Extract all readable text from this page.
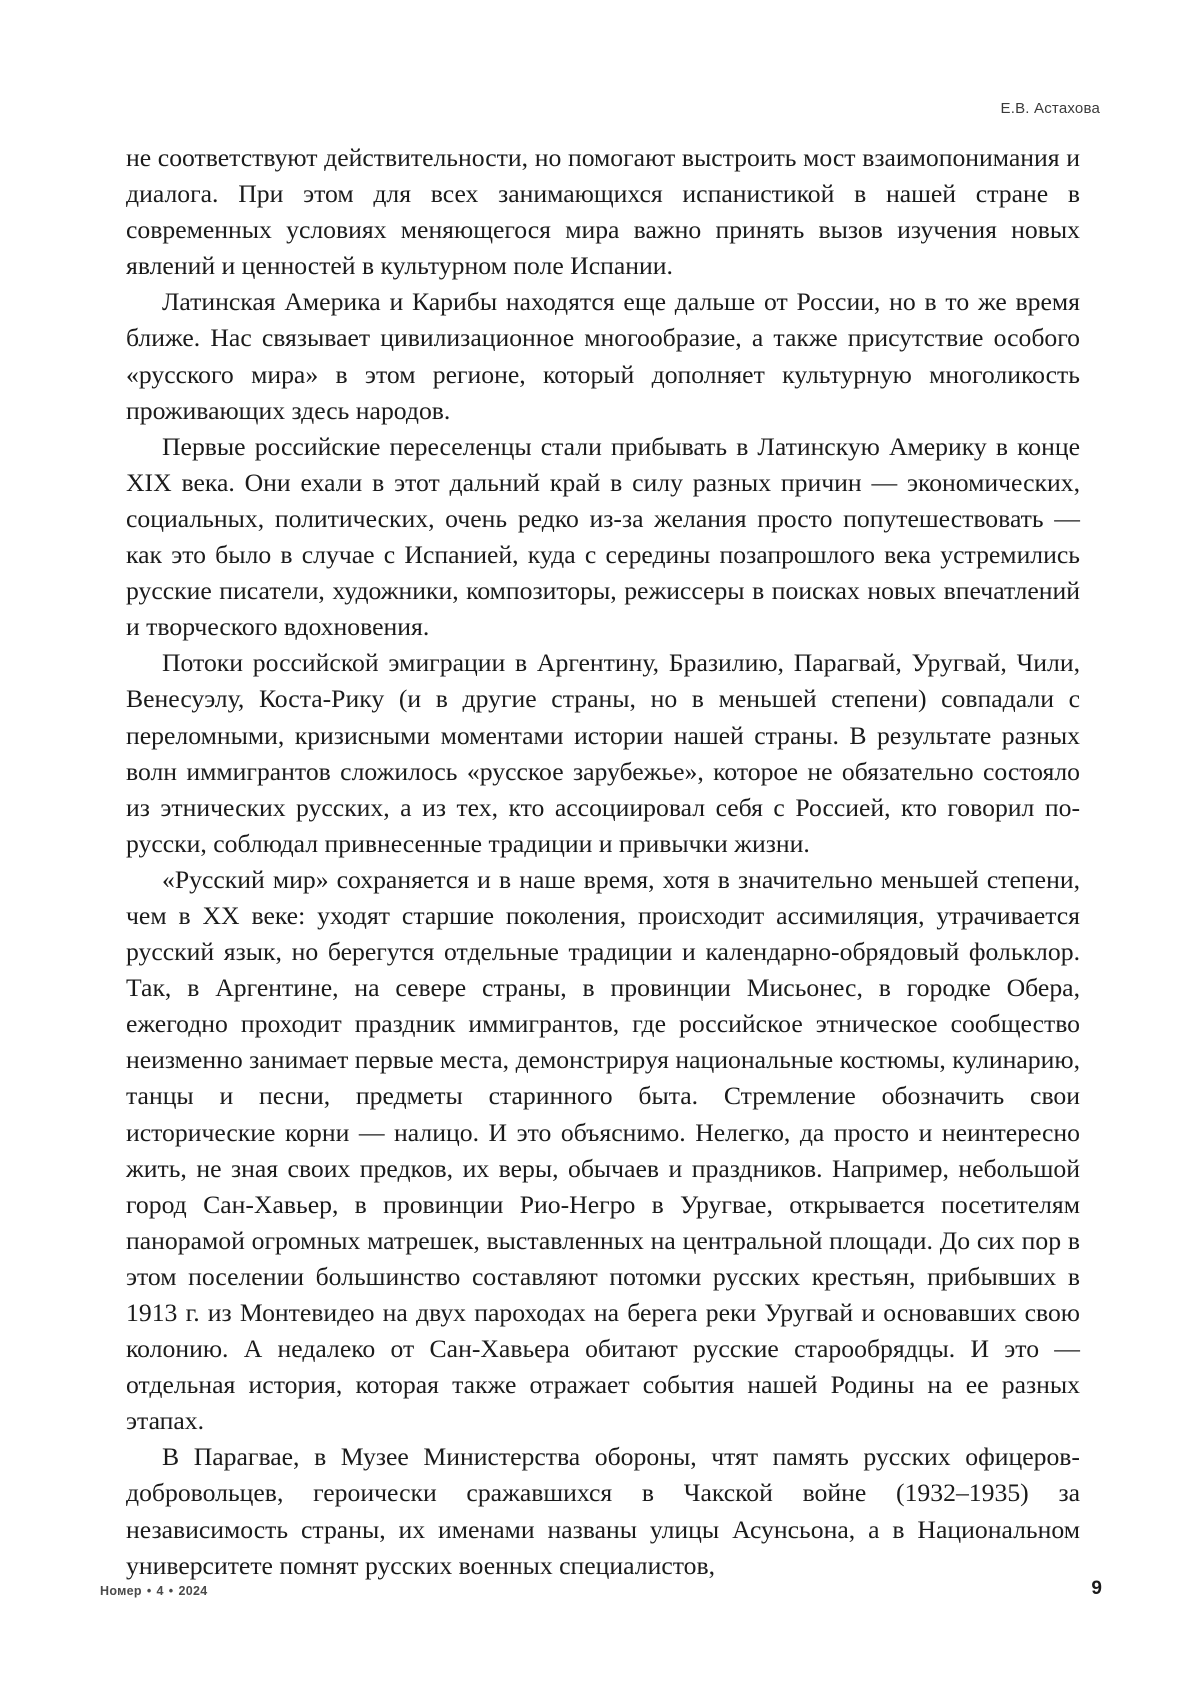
Е.В. Астахова

не соответствуют действительности, но помогают выстроить мост взаимопонимания и диалога. При этом для всех занимающихся испанистикой в нашей стране в современных условиях меняющегося мира важно принять вызов изучения новых явлений и ценностей в культурном поле Испании.

Латинская Америка и Карибы находятся еще дальше от России, но в то же время ближе. Нас связывает цивилизационное многообразие, а также присутствие особого «русского мира» в этом регионе, который дополняет культурную многоликость проживающих здесь народов.

Первые российские переселенцы стали прибывать в Латинскую Америку в конце XIX века. Они ехали в этот дальний край в силу разных причин — экономических, социальных, политических, очень редко из-за желания просто попутешествовать — как это было в случае с Испанией, куда с середины позапрошлого века устремились русские писатели, художники, композиторы, режиссеры в поисках новых впечатлений и творческого вдохновения.

Потоки российской эмиграции в Аргентину, Бразилию, Парагвай, Уругвай, Чили, Венесуэлу, Коста-Рику (и в другие страны, но в меньшей степени) совпадали с переломными, кризисными моментами истории нашей страны. В результате разных волн иммигрантов сложилось «русское зарубежье», которое не обязательно состояло из этнических русских, а из тех, кто ассоциировал себя с Россией, кто говорил по-русски, соблюдал привнесенные традиции и привычки жизни.

«Русский мир» сохраняется и в наше время, хотя в значительно меньшей степени, чем в XX веке: уходят старшие поколения, происходит ассимиляция, утрачивается русский язык, но берегутся отдельные традиции и календарно-обрядовый фольклор. Так, в Аргентине, на севере страны, в провинции Мисьонес, в городке Обера, ежегодно проходит праздник иммигрантов, где российское этническое сообщество неизменно занимает первые места, демонстрируя национальные костюмы, кулинарию, танцы и песни, предметы старинного быта. Стремление обозначить свои исторические корни — налицо. И это объяснимо. Нелегко, да просто и неинтересно жить, не зная своих предков, их веры, обычаев и праздников. Например, небольшой город Сан-Хавьер, в провинции Рио-Негро в Уругвае, открывается посетителям панорамой огромных матрешек, выставленных на центральной площади. До сих пор в этом поселении большинство составляют потомки русских крестьян, прибывших в 1913 г. из Монтевидео на двух пароходах на берега реки Уругвай и основавших свою колонию. А недалеко от Сан-Хавьера обитают русские старообрядцы. И это — отдельная история, которая также отражает события нашей Родины на ее разных этапах.

В Парагвае, в Музее Министерства обороны, чтят память русских офицеров-добровольцев, героически сражавшихся в Чакской войне (1932–1935) за независимость страны, их именами названы улицы Асунсьона, а в Национальном университете помнят русских военных специалистов,

Номер • 4 • 2024	9
